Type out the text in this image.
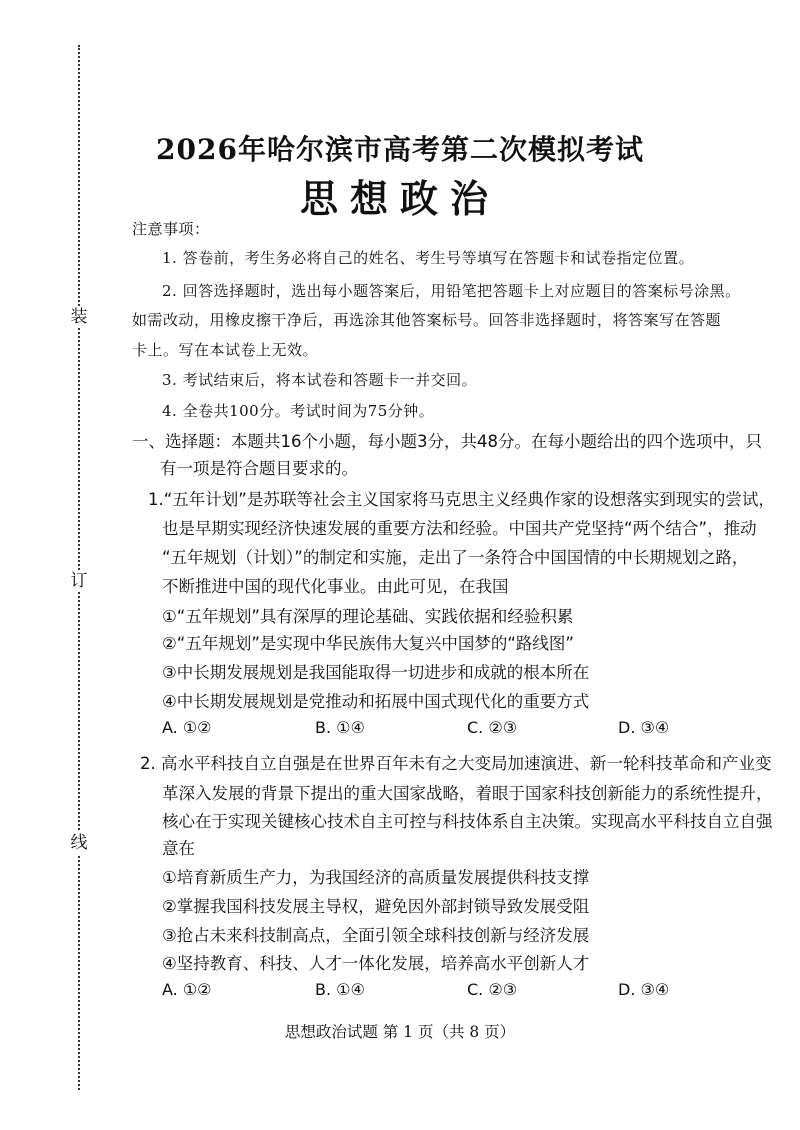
装
订
线
2026年哈尔滨市高考第二次模拟考试
思想政治
注意事项：
1. 答卷前，考生务必将自己的姓名、考生号等填写在答题卡和试卷指定位置。
2. 回答选择题时，选出每小题答案后，用铅笔把答题卡上对应题目的答案标号涂黑。
如需改动，用橡皮擦干净后，再选涂其他答案标号。回答非选择题时，将答案写在答题
卡上。写在本试卷上无效。
3. 考试结束后，将本试卷和答题卡一并交回。
4. 全卷共100分。考试时间为75分钟。
一、选择题：本题共16个小题，每小题3分，共48分。在每小题给出的四个选项中，只
有一项是符合题目要求的。
1.“五年计划”是苏联等社会主义国家将马克思主义经典作家的设想落实到现实的尝试，
也是早期实现经济快速发展的重要方法和经验。中国共产党坚持“两个结合”，推动
“五年规划（计划）”的制定和实施，走出了一条符合中国国情的中长期规划之路，
不断推进中国的现代化事业。由此可见，在我国
①“五年规划”具有深厚的理论基础、实践依据和经验积累
②“五年规划”是实现中华民族伟大复兴中国梦的“路线图”
③中长期发展规划是我国能取得一切进步和成就的根本所在
④中长期发展规划是党推动和拓展中国式现代化的重要方式
A. ①②	B. ①④	C. ②③	D. ③④
2. 高水平科技自立自强是在世界百年未有之大变局加速演进、新一轮科技革命和产业变
革深入发展的背景下提出的重大国家战略，着眼于国家科技创新能力的系统性提升，
核心在于实现关键核心技术自主可控与科技体系自主决策。实现高水平科技自立自强
意在
①培育新质生产力，为我国经济的高质量发展提供科技支撑
②掌握我国科技发展主导权，避免因外部封锁导致发展受阻
③抢占未来科技制高点，全面引领全球科技创新与经济发展
④坚持教育、科技、人才一体化发展，培养高水平创新人才
A. ①②	B. ①④	C. ②③	D. ③④
思想政治试题 第 1 页（共 8 页）
